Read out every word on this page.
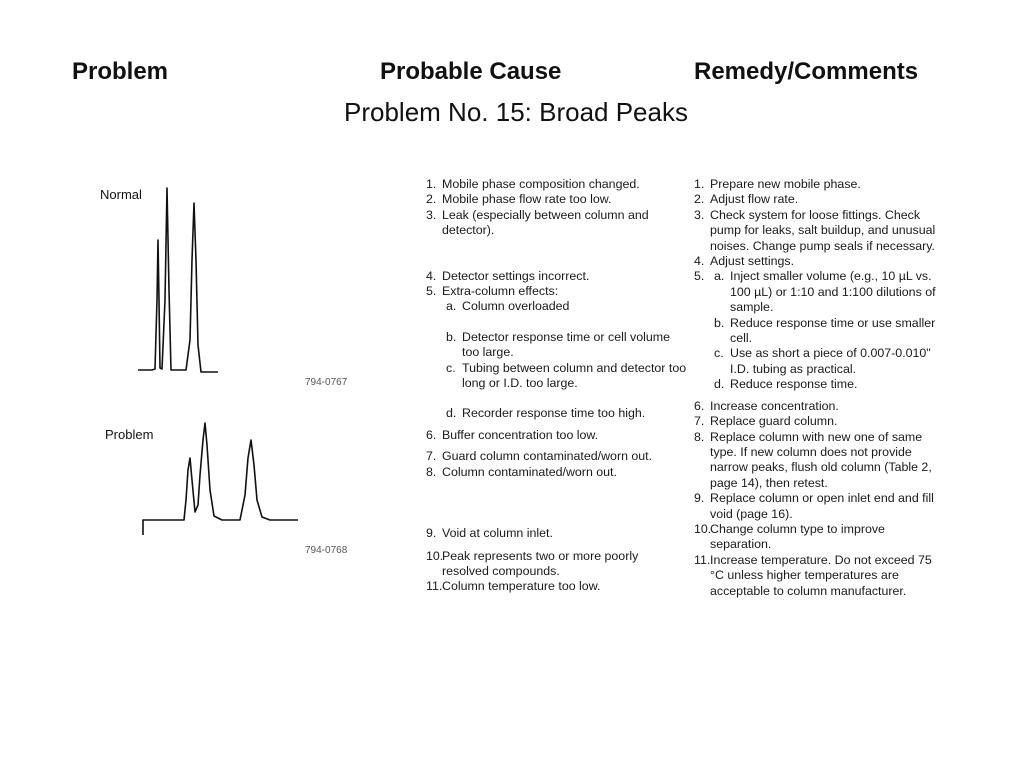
Problem	Probable Cause	Remedy/Comments
Problem No. 15: Broad Peaks
Normal
794-0767
Problem
794-0768
1. Mobile phase composition changed.
2. Mobile phase flow rate too low.
3. Leak (especially between column and detector).
4. Detector settings incorrect.
5. Extra-column effects:
a. Column overloaded
b. Detector response time or cell volume too large.
c. Tubing between column and detector too long or I.D. too large.
d. Recorder response time too high.
6. Buffer concentration too low.
7. Guard column contaminated/worn out.
8. Column contaminated/worn out.
9. Void at column inlet.
10.
Peak represents two or more poorly resolved compounds.
11. Column temperature too low.
1. Prepare new mobile phase.
2. Adjust flow rate.
3. Check system for loose fittings. Check pump for leaks, salt buildup, and unusual noises. Change pump seals if necessary.
4. Adjust settings.
5. a. Inject smaller volume (e.g., 10 µL vs. 100 µL) or 1:10 and 1:100 dilutions of sample.
b. Reduce response time or use smaller cell.
c. Use as short a piece of 0.007-0.010" I.D. tubing as practical.
d. Reduce response time.
6. Increase concentration.
7. Replace guard column.
8. Replace column with new one of same type. If new column does not provide narrow peaks, flush old column (Table 2, page 14), then retest.
9. Replace column or open inlet end and fill void (page 16).
10.
Change column type to improve separation.
11. Increase temperature. Do not exceed 75 °C unless higher temperatures are acceptable to column manufacturer.
